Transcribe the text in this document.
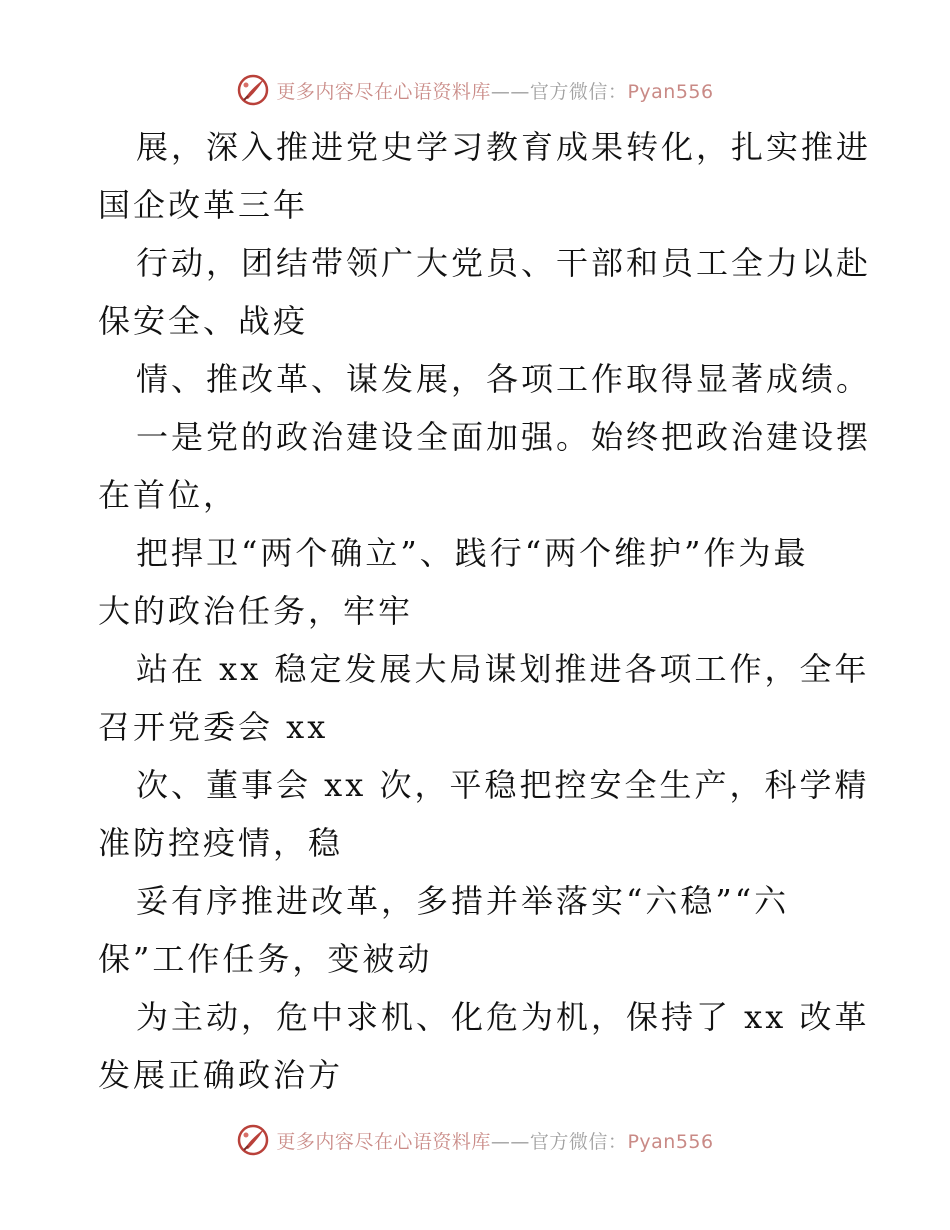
更多内容尽在心语资料库——官方微信：Pyan556
展，深入推进党史学习教育成果转化，扎实推进
国企改革三年
行动，团结带领广大党员、干部和员工全力以赴
保安全、战疫
情、推改革、谋发展，各项工作取得显著成绩。
一是党的政治建设全面加强。始终把政治建设摆
在首位，
把捍卫“两个确立”、践行“两个维护”作为最
大的政治任务，牢牢
站在 xx 稳定发展大局谋划推进各项工作，全年
召开党委会 xx
次、董事会 xx 次，平稳把控安全生产，科学精
准防控疫情，稳
妥有序推进改革，多措并举落实“六稳”“六
保”工作任务，变被动
为主动，危中求机、化危为机，保持了 xx 改革
发展正确政治方
更多内容尽在心语资料库——官方微信：Pyan556
